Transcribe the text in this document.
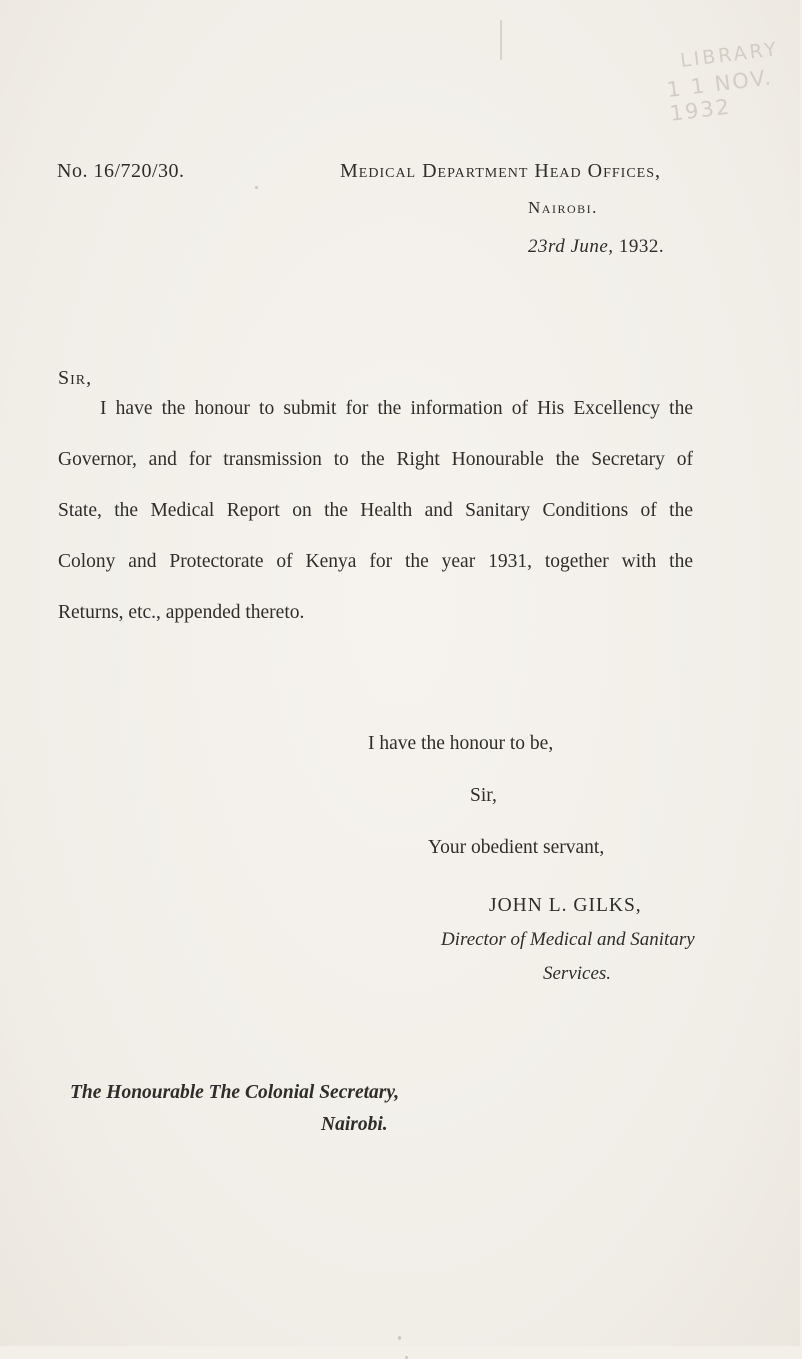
LIBRARY
1 1 NOV. 1932
No. 16/720/30.	Medical Department Head Offices,
Nairobi.
23rd June, 1932.
Sir,
I have the honour to submit for the information of His Excellency the
Governor, and for transmission to the Right Honourable the Secretary of
State, the Medical Report on the Health and Sanitary Conditions of the
Colony and Protectorate of Kenya for the year 1931, together with the
Returns, etc., appended thereto.
I have the honour to be,
Sir,
Your obedient servant,
JOHN L. GILKS,
Director of Medical and Sanitary
Services.
The Honourable The Colonial Secretary,
Nairobi.
